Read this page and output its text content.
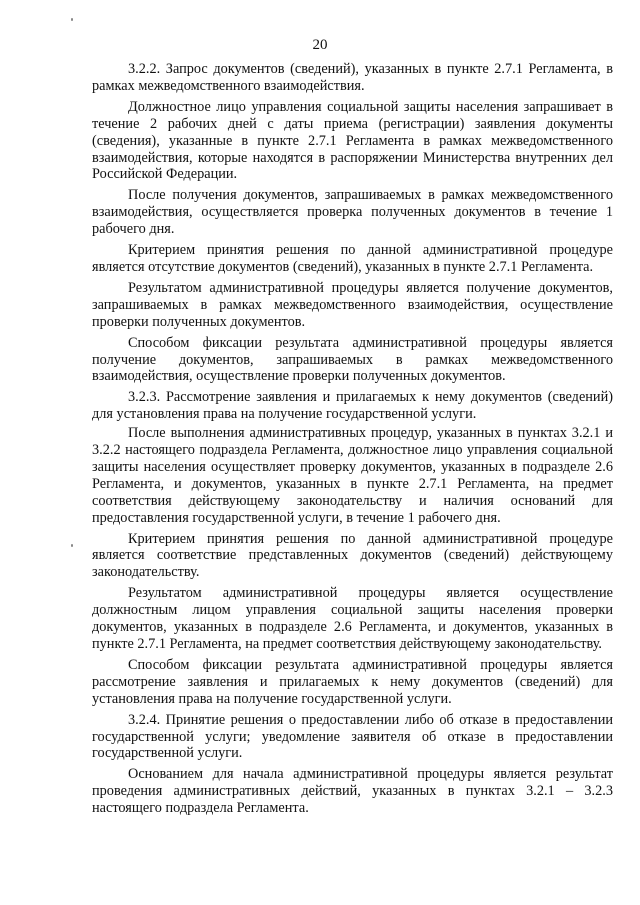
20

3.2.2. Запрос документов (сведений), указанных в пункте 2.7.1 Регламента, в рамках межведомственного взаимодействия.

Должностное лицо управления социальной защиты населения запрашивает в течение 2 рабочих дней с даты приема (регистрации) заявления документы (сведения), указанные в пункте 2.7.1 Регламента в рамках межведомственного взаимодействия, которые находятся в распоряжении Министерства внутренних дел Российской Федерации.

После получения документов, запрашиваемых в рамках межведомственного взаимодействия, осуществляется проверка полученных документов в течение 1 рабочего дня.

Критерием принятия решения по данной административной процедуре является отсутствие документов (сведений), указанных в пункте 2.7.1 Регламента.

Результатом административной процедуры является получение документов, запрашиваемых в рамках межведомственного взаимодействия, осуществление проверки полученных документов.

Способом фиксации результата административной процедуры является получение документов, запрашиваемых в рамках межведомственного взаимодействия, осуществление проверки полученных документов.

3.2.3. Рассмотрение заявления и прилагаемых к нему документов (сведений) для установления права на получение государственной услуги.

После выполнения административных процедур, указанных в пунктах 3.2.1 и 3.2.2 настоящего подраздела Регламента, должностное лицо управления социальной защиты населения осуществляет проверку документов, указанных в подразделе 2.6 Регламента, и документов, указанных в пункте 2.7.1 Регламента, на предмет соответствия действующему законодательству и наличия оснований для предоставления государственной услуги, в течение 1 рабочего дня.

Критерием принятия решения по данной административной процедуре является соответствие представленных документов (сведений) действующему законодательству.

Результатом административной процедуры является осуществление должностным лицом управления социальной защиты населения проверки документов, указанных в подразделе 2.6 Регламента, и документов, указанных в пункте 2.7.1 Регламента, на предмет соответствия действующему законодательству.

Способом фиксации результата административной процедуры является рассмотрение заявления и прилагаемых к нему документов (сведений) для установления права на получение государственной услуги.

3.2.4. Принятие решения о предоставлении либо об отказе в предоставлении государственной услуги; уведомление заявителя об отказе в предоставлении государственной услуги.

Основанием для начала административной процедуры является результат проведения административных действий, указанных в пунктах 3.2.1 – 3.2.3 настоящего подраздела Регламента.
